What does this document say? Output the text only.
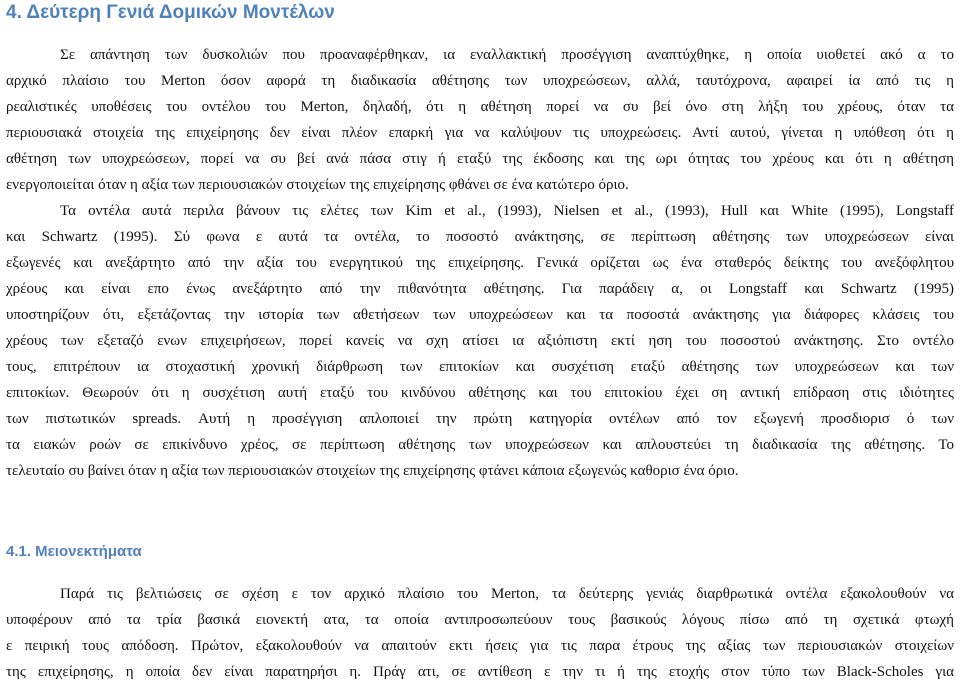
4. Δεύτερη Γενιά Δομικών Μοντέλων
Σε απάντηση των δυσκολιών που προαναφέρθηκαν, ια εναλλακτική προσέγγιση αναπτύχθηκε, η οποία υιοθετεί ακό α το
αρχικό πλαίσιο του Merton όσον αφορά τη διαδικασία αθέτησης των υποχρεώσεων, αλλά, ταυτόχρονα, αφαιρεί ία από τις η
ρεαλιστικές υποθέσεις του οντέλου του Merton, δηλαδή, ότι η αθέτηση πορεί να συ βεί όνο στη λήξη του χρέους, όταν τα
περιουσιακά στοιχεία της επιχείρησης δεν είναι πλέον επαρκή για να καλύψουν τις υποχρεώσεις. Αντί αυτού, γίνεται η υπόθεση ότι η
αθέτηση των υποχρεώσεων, πορεί να συ βεί ανά πάσα στιγ ή εταξύ της έκδοσης και της ωρι ότητας του χρέους και ότι η αθέτηση
ενεργοποιείται όταν η αξία των περιουσιακών στοιχείων της επιχείρησης φθάνει σε ένα κατώτερο όριο.
Τα οντέλα αυτά περιλα βάνουν τις ελέτες των Kim et al., (1993), Nielsen et al., (1993), Hull και White (1995), Longstaff
και Schwartz (1995). Σύ φωνα ε αυτά τα οντέλα, το ποσοστό ανάκτησης, σε περίπτωση αθέτησης των υποχρεώσεων είναι
εξωγενές και ανεξάρτητο από την αξία του ενεργητικού της επιχείρησης. Γενικά ορίζεται ως ένα σταθερός δείκτης του ανεξόφλητου
χρέους και είναι επο ένως ανεξάρτητο από την πιθανότητα αθέτησης. Για παράδειγ α, οι Longstaff και Schwartz (1995)
υποστηρίζουν ότι, εξετάζοντας την ιστορία των αθετήσεων των υποχρεώσεων και τα ποσοστά ανάκτησης για διάφορες κλάσεις του
χρέους των εξεταζό ενων επιχειρήσεων, πορεί κανείς να σχη ατίσει ια αξιόπιστη εκτί ηση του ποσοστού ανάκτησης. Στο οντέλο
τους, επιτρέπουν ια στοχαστική χρονική διάρθρωση των επιτοκίων και συσχέτιση εταξύ αθέτησης των υποχρεώσεων και των
επιτοκίων. Θεωρούν ότι η συσχέτιση αυτή εταξύ του κινδύνου αθέτησης και του επιτοκίου έχει ση αντική επίδραση στις ιδιότητες
των πιστωτικών spreads. Αυτή η προσέγγιση απλοποιεί την πρώτη κατηγορία οντέλων από τον εξωγενή προσδιορισ ό των
τα ειακών ροών σε επικίνδυνο χρέος, σε περίπτωση αθέτησης των υποχρεώσεων και απλουστεύει τη διαδικασία της αθέτησης. Το
τελευταίο συ βαίνει όταν η αξία των περιουσιακών στοιχείων της επιχείρησης φτάνει κάποια εξωγενώς καθορισ ένα όριο.
4.1. Μειονεκτήματα
Παρά τις βελτιώσεις σε σχέση ε τον αρχικό πλαίσιο του Merton, τα δεύτερης γενιάς διαρθρωτικά οντέλα εξακολουθούν να
υποφέρουν από τα τρία βασικά ειονεκτή ατα, τα οποία αντιπροσωπεύουν τους βασικούς λόγους πίσω από τη σχετικά φτωχή
ε πειρική τους απόδοση. Πρώτον, εξακολουθούν να απαιτούν εκτι ήσεις για τις παρα έτρους της αξίας των περιουσιακών στοιχείων
της επιχείρησης, η οποία δεν είναι παρατηρήσι η. Πράγ ατι, σε αντίθεση ε την τι ή της ετοχής στον τύπο των Black-Scholes για
